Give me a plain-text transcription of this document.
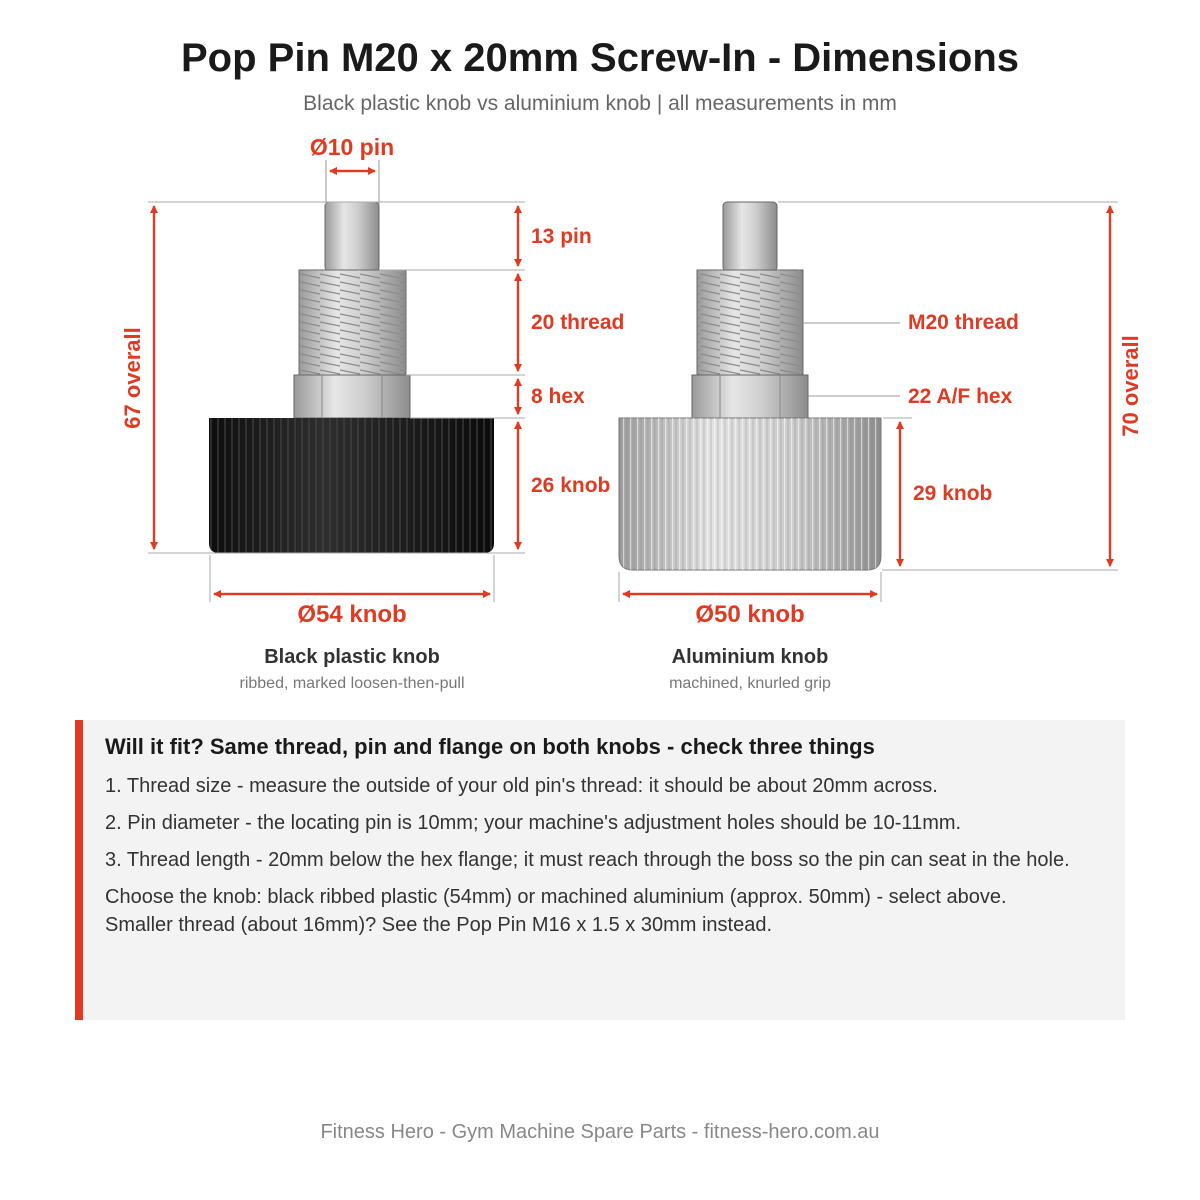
Pop Pin M20 x 20mm Screw-In - Dimensions
Black plastic knob vs aluminium knob | all measurements in mm
Ø10 pin
13 pin
20 thread
8 hex
26 knob
67 overall
Ø54 knob
Black plastic knob
ribbed, marked loosen-then-pull
M20 thread
22 A/F hex
29 knob
70 overall
Ø50 knob
Aluminium knob
machined, knurled grip
Will it fit? Same thread, pin and flange on both knobs - check three things

1. Thread size - measure the outside of your old pin's thread: it should be about 20mm across.

2. Pin diameter - the locating pin is 10mm; your machine's adjustment holes should be 10-11mm.

3. Thread length - 20mm below the hex flange; it must reach through the boss so the pin can seat in the hole.

Choose the knob: black ribbed plastic (54mm) or machined aluminium (approx. 50mm) - select above.
Smaller thread (about 16mm)? See the Pop Pin M16 x 1.5 x 30mm instead.

Fitness Hero - Gym Machine Spare Parts - fitness-hero.com.au
